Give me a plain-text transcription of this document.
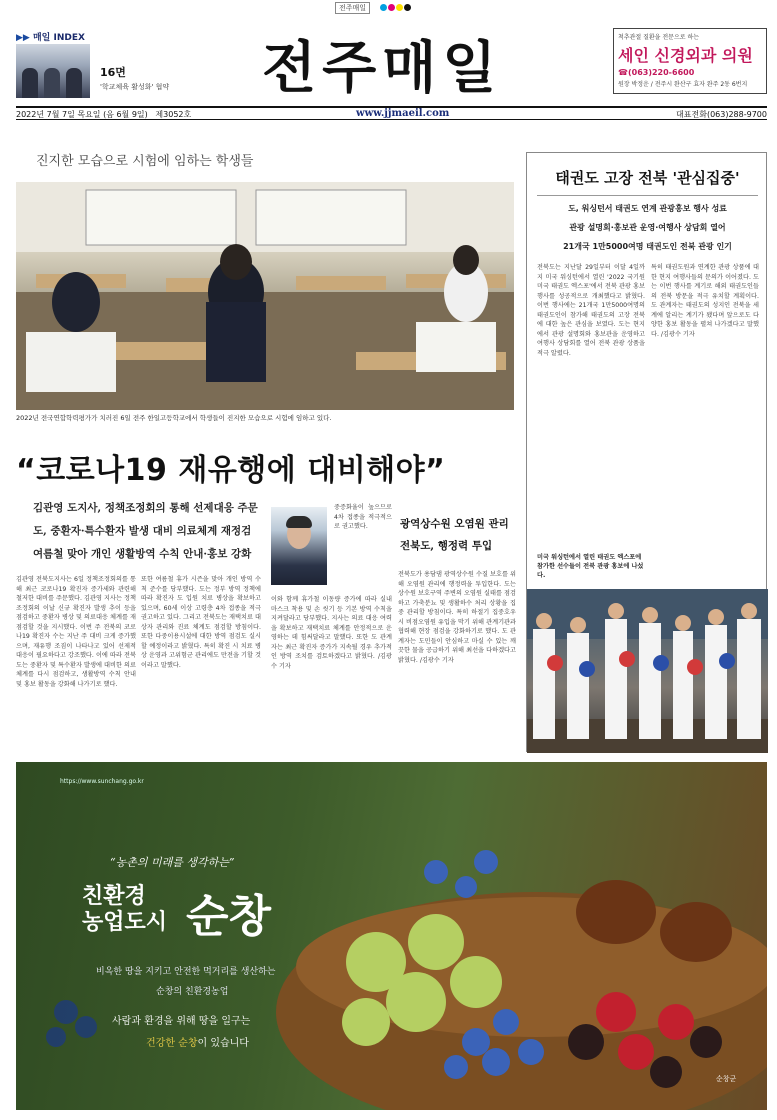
전주매일
▶▶ 매일 INDEX
16면
'학교체육 활성화' 협약 전주매일	척추관절 질환을 전문으로 하는
세인 신경외과 의원
☎(063)220-6600
원장 박정운 / 전주시 완산구 효자 완주 2동 6번지
2022년 7월 7일 목요일 (음 6월 9일) 제3052호	www.jjmaeil.com	대표전화(063)288-9700
진지한 모습으로 시험에 임하는 학생들
2022년 전국연합학력평가가 치러진 6일 전주 한일고등학교에서 학생들이 진지한 모습으로 시험에 임하고 있다.
“코로나19 재유행에 대비해야”
김관영 도지사, 정책조정회의 통해 선제대응 주문
도, 중환자·특수환자 발생 대비 의료체계 재정검
여름철 맞아 개인 생활방역 수칙 안내·홍보 강화
김관영 전북도지사는 6일 정책조정회의를 통해 최근 코로나19 확진자 증가세와 관련해 철저한 대비를 주문했다. 김관영 지사는 정책조정회의 이날 신규 확진자 발생 추이 등을 점검하고 중환자 병상 및 의료대응 체계를 재점검할 것을 지시했다. 이번 주 전북의 코로나19 확진자 수는 지난 주 대비 크게 증가했으며, 재유행 조짐이 나타나고 있어 선제적 대응이 필요하다고 강조했다. 이에 따라 전북도는 중환자 및 특수환자 발생에 대비한 의료체계를 다시 점검하고, 생활방역 수칙 안내 및 홍보 활동을 강화해 나가기로 했다.
또한 여름철 휴가 시즌을 맞아 개인 방역 수칙 준수를 당부했다. 도는 정부 방역 정책에 따라 확진자 도 입원 치료 병상을 확보하고 있으며, 60세 이상 고령층 4차 접종을 적극 권고하고 있다. 그리고 전북도는 재택치료 대상자 관리와 진료 체계도 점검할 방침이다. 또한 다중이용시설에 대한 방역 점검도 실시할 예정이라고 밝혔다. 특히 확진 시 치료 병상 운영과 고위험군 관리에도 만전을 기할 것이라고 말했다.
중증화율이 높으므로 4차 접종을 적극적으로 권고했다.
이와 함께 휴가철 이동량 증가에 따라 실내 마스크 착용 및 손 씻기 등 기본 방역 수칙을 지켜달라고 당부했다. 지사는 의료 대응 여력을 확보하고 재택치료 체계를 안정적으로 운영하는 데 힘써달라고 말했다. 또한 도 관계자는 최근 확진자 증가가 지속될 경우 추가적인 방역 조치를 검토하겠다고 밝혔다. /김광수 기자
광역상수원 오염원 관리
전북도, 행정력 투입
전북도가 용담댐 광역상수원 수질 보호를 위해 오염원 관리에 행정력을 투입한다. 도는 상수원 보호구역 주변의 오염원 실태를 점검하고 가축분뇨 및 생활하수 처리 상황을 집중 관리할 방침이다. 특히 하절기 집중호우 시 비점오염원 유입을 막기 위해 관계기관과 협력해 현장 점검을 강화하기로 했다. 도 관계자는 도민들이 안심하고 마실 수 있는 깨끗한 물을 공급하기 위해 최선을 다하겠다고 밝혔다. /김광수 기자
태권도 고장 전북 '관심집중'
도, 워싱턴서 태권도 연계 관광홍보 행사 성료
관광 설명회·홍보관 운영·여행사 상담회 열어
21개국 1만5000여명 태권도인 전북 관광 인기
전북도는 지난달 29일부터 이달 4일까지 미국 워싱턴에서 열린 '2022 국기원 미국 태권도 엑스포'에서 전북 관광 홍보 행사를 성공적으로 개최했다고 밝혔다. 이번 행사에는 21개국 1만5000여명의 태권도인이 참가해 태권도의 고장 전북에 대한 높은 관심을 보였다. 도는 현지에서 관광 설명회와 홍보관을 운영하고 여행사 상담회를 열어 전북 관광 상품을 적극 알렸다.
특히 태권도원과 연계한 관광 상품에 대한 현지 여행사들의 문의가 이어졌다. 도는 이번 행사를 계기로 해외 태권도인들의 전북 방문을 적극 유치할 계획이다. 도 관계자는 태권도의 성지인 전북을 세계에 알리는 계기가 됐다며 앞으로도 다양한 홍보 활동을 펼쳐 나가겠다고 말했다. /김광수 기자
미국 워싱턴에서 열린 태권도 엑스포에 참가한 선수들이 전북 관광 홍보에 나섰다.
https://www.sunchang.go.kr
“농촌의 미래를 생각하는”
친환경
농업도시 순창
비옥한 땅을 지키고 안전한 먹거리를 생산하는
순창의 친환경농업
사람과 환경을 위해 땅을 일구는
건강한 순창이 있습니다
순창군
